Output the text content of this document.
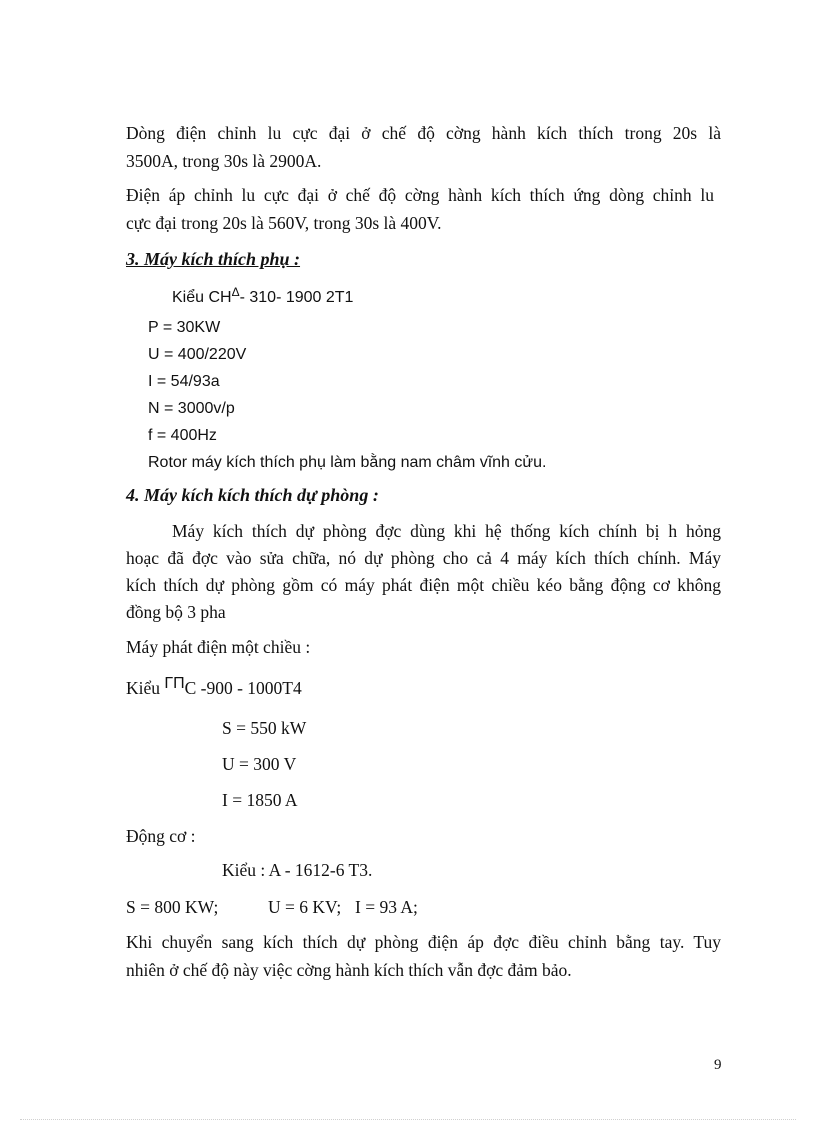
Dòng điện chỉnh lu cực đại ở chế độ cờng hành kích thích trong 20s là
3500A, trong 30s là 2900A.
Điện áp chỉnh lu cực đại ở chế độ cờng hành kích thích ứng dòng chỉnh lu
cực đại trong 20s là 560V, trong 30s là 400V.
3. Máy kích thích phụ :
Kiểu $CH^\Delta-$ 310- 1900 2T1
P = 30KW
U = 400/220V
I = 54/93a
N = 3000v/p
f = 400Hz
Rotor máy kích thích phụ làm bằng nam châm vĩnh cửu.
4. Máy kích kích thích dự phòng :
Máy kích thích dự phòng đợc dùng khi hệ thống kích chính bị h hỏng
hoạc đã đợc vào sửa chữa, nó dự phòng cho cả 4 máy kích thích chính. Máy
kích thích dự phòng gồm có máy phát điện một chiều kéo bằng động cơ không
đồng bộ 3 pha
Máy phát điện một chiều :
Kiểu ГПC -900 - 1000T4
S = 550 kW
U = 300 V
I = 1850 A
Động cơ :
Kiểu : A - 1612-6 T3.
S = 800 KW;	U = 6 KV; I = 93 A;
Khi chuyển sang kích thích dự phòng điện áp đợc điều chỉnh bằng tay. Tuy
nhiên ở chế độ này việc cờng hành kích thích vẫn đợc đảm bảo.
9
